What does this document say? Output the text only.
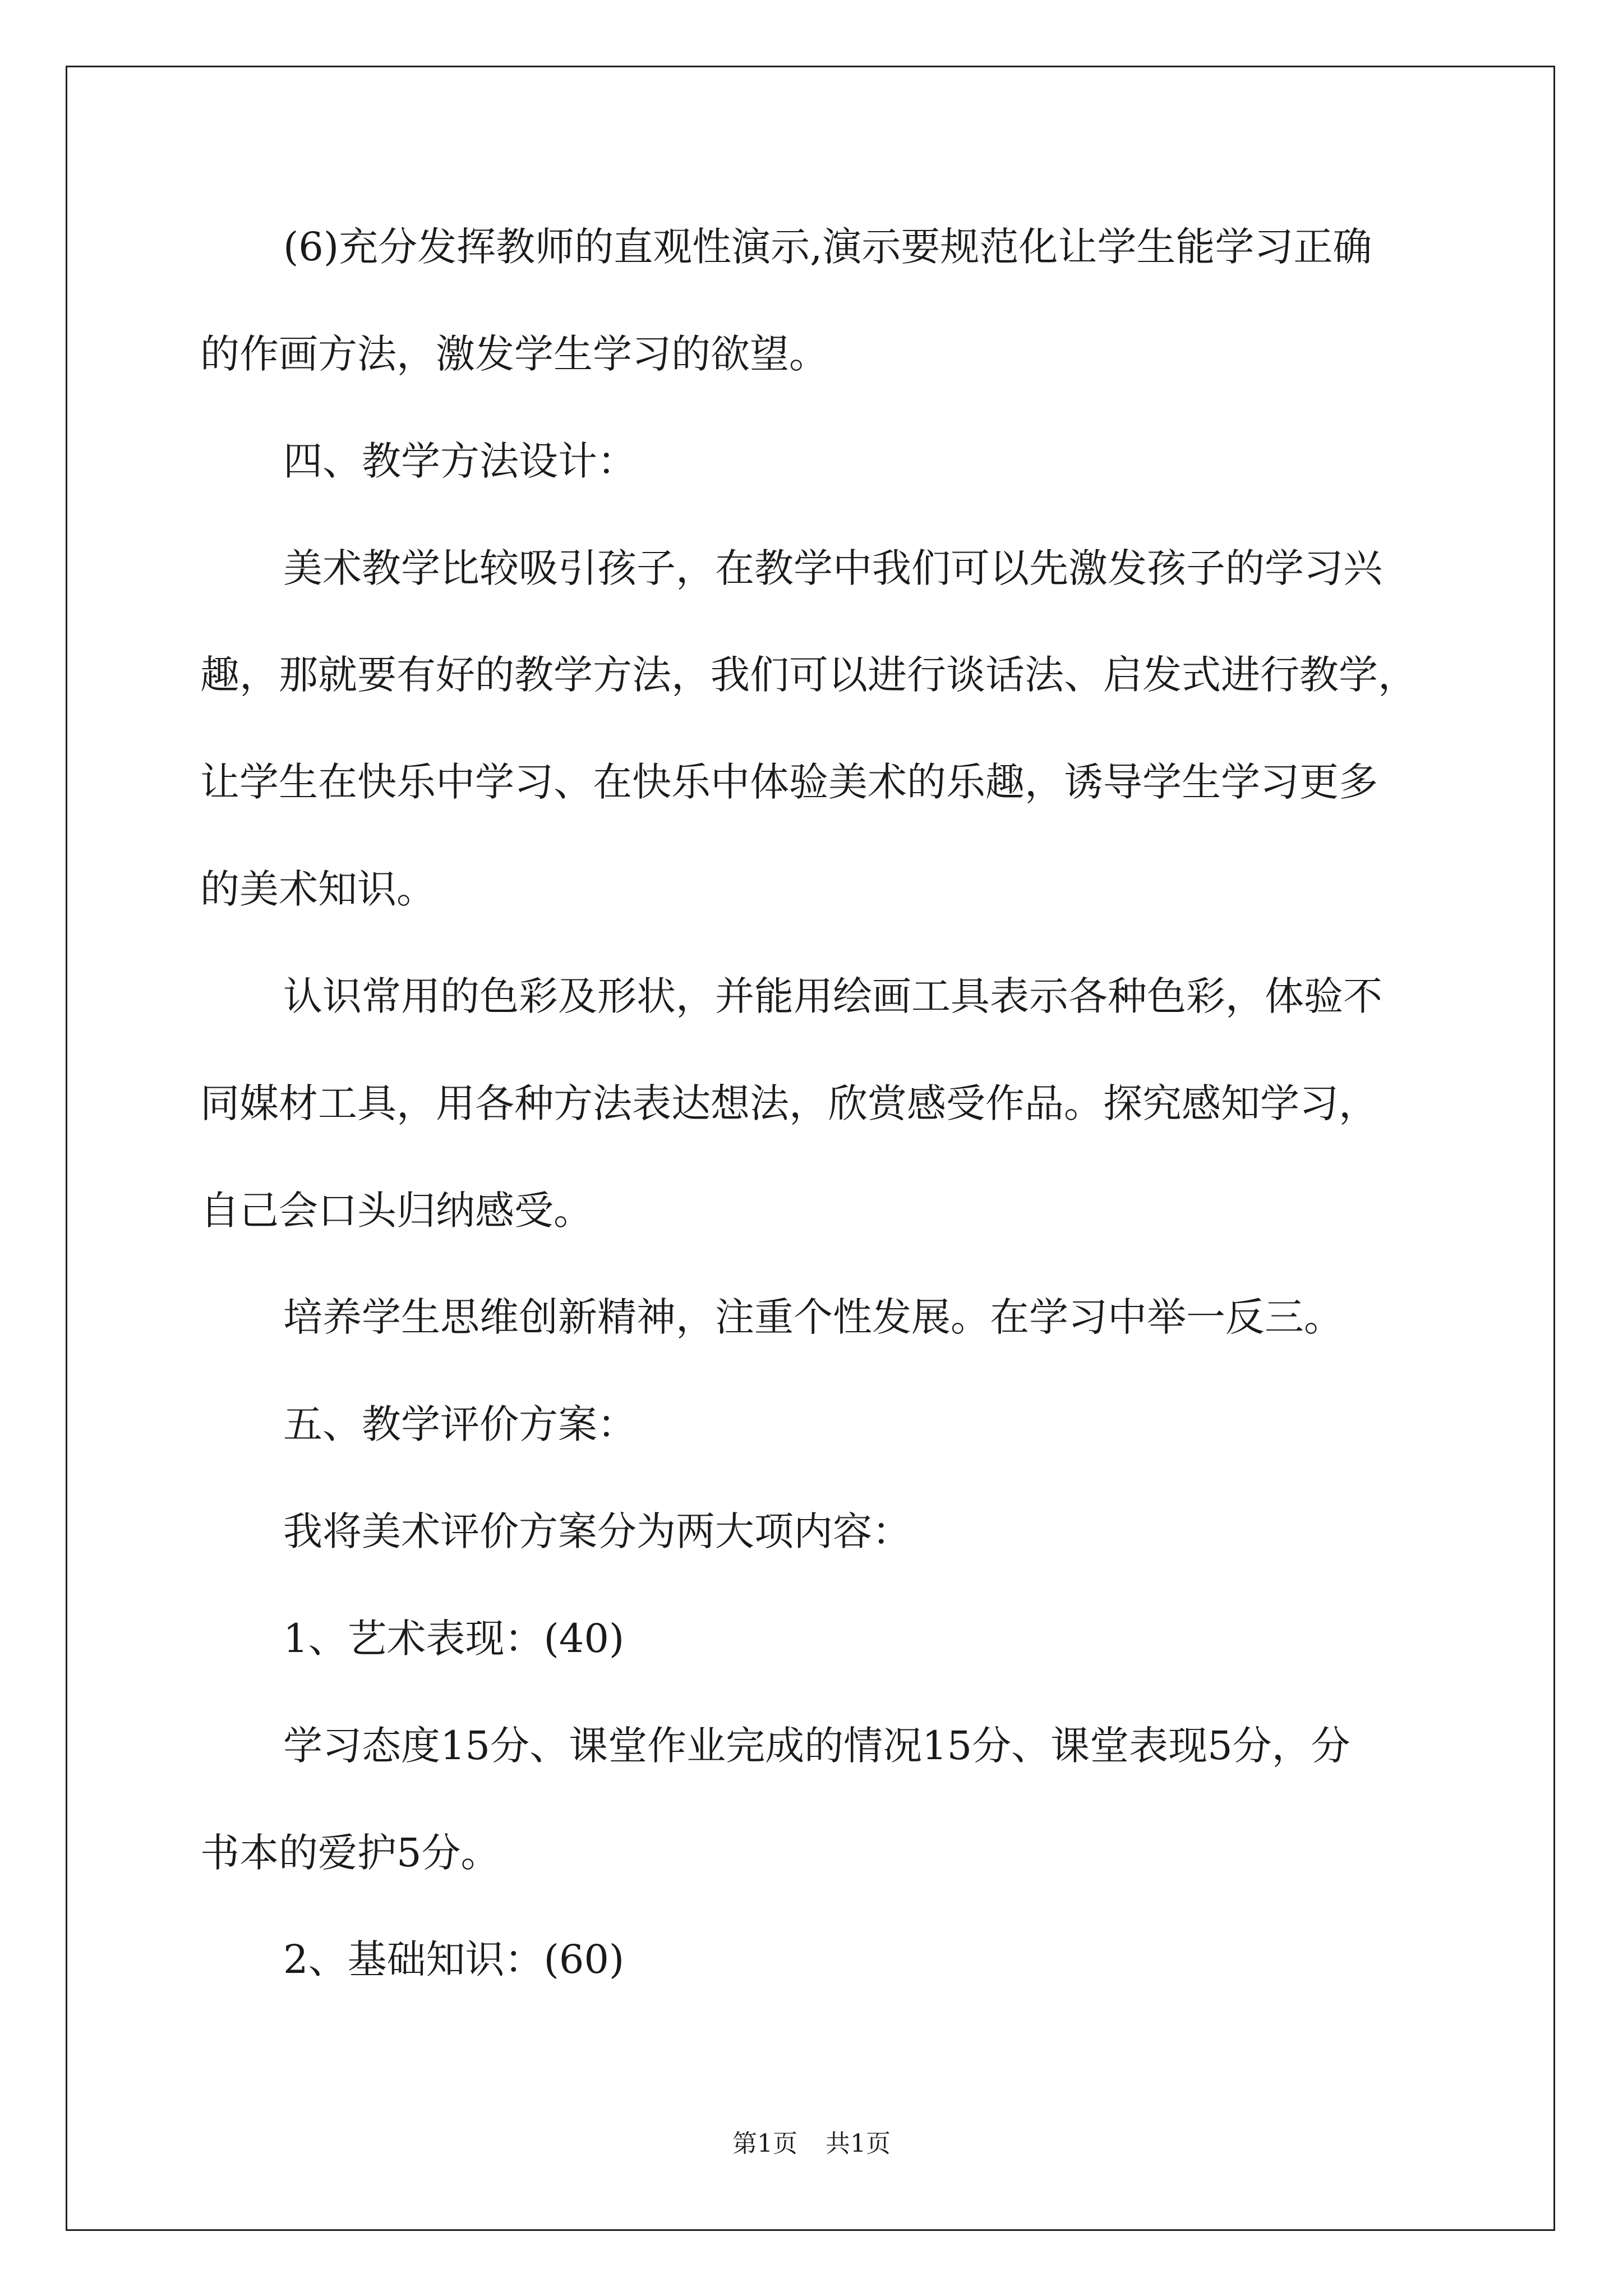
(6)充分发挥教师的直观性演示,演示要规范化让学生能学习正确

的作画方法，激发学生学习的欲望。

四、教学方法设计：

美术教学比较吸引孩子，在教学中我们可以先激发孩子的学习兴

趣，那就要有好的教学方法，我们可以进行谈话法、启发式进行教学，

让学生在快乐中学习、在快乐中体验美术的乐趣，诱导学生学习更多

的美术知识。

认识常用的色彩及形状，并能用绘画工具表示各种色彩，体验不

同媒材工具，用各种方法表达想法，欣赏感受作品。探究感知学习，

自己会口头归纳感受。

培养学生思维创新精神，注重个性发展。在学习中举一反三。

五、教学评价方案：

我将美术评价方案分为两大项内容：

1、艺术表现：(40)

学习态度15分、课堂作业完成的情况15分、课堂表现5分，分

书本的爱护5分。

2、基础知识：(60)

第1页 共1页
